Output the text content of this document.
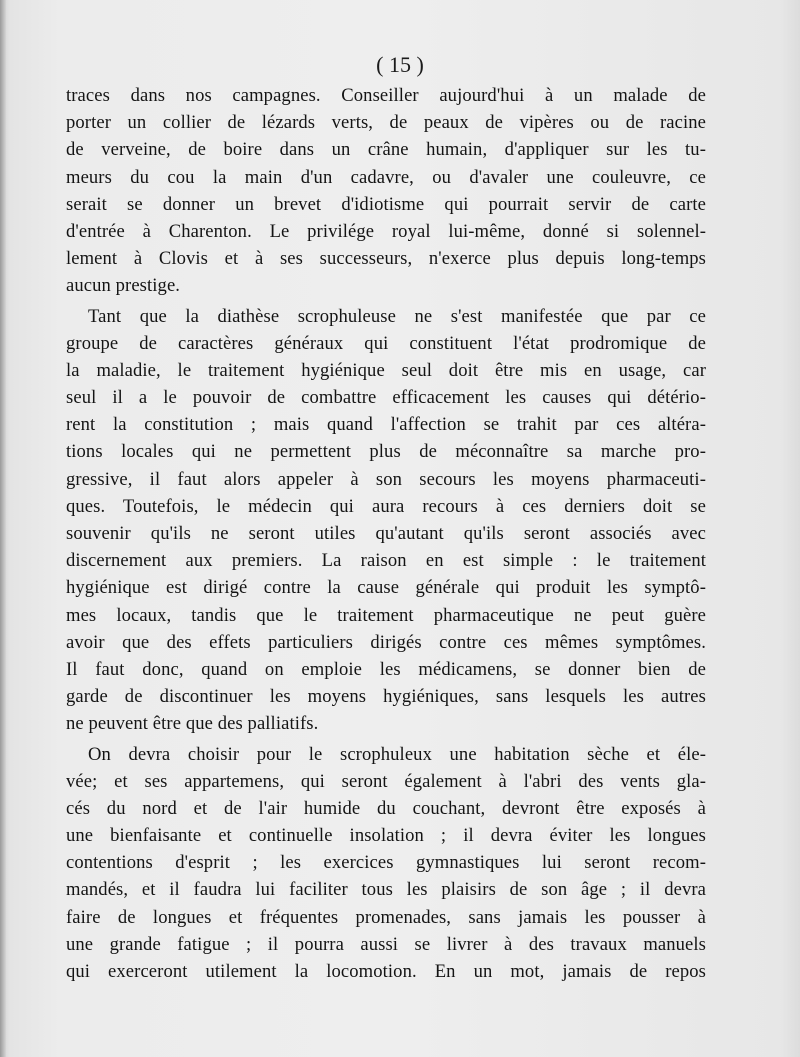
( 15 )

traces dans nos campagnes. Conseiller aujourd'hui à un malade de
porter un collier de lézards verts, de peaux de vipères ou de racine
de verveine, de boire dans un crâne humain, d'appliquer sur les tu-
meurs du cou la main d'un cadavre, ou d'avaler une couleuvre, ce
serait se donner un brevet d'idiotisme qui pourrait servir de carte
d'entrée à Charenton. Le privilége royal lui-même, donné si solennel-
lement à Clovis et à ses successeurs, n'exerce plus depuis long-temps
aucun prestige.
Tant que la diathèse scrophuleuse ne s'est manifestée que par ce
groupe de caractères généraux qui constituent l'état prodromique de
la maladie, le traitement hygiénique seul doit être mis en usage, car
seul il a le pouvoir de combattre efficacement les causes qui détério-
rent la constitution ; mais quand l'affection se trahit par ces altéra-
tions locales qui ne permettent plus de méconnaître sa marche pro-
gressive, il faut alors appeler à son secours les moyens pharmaceuti-
ques. Toutefois, le médecin qui aura recours à ces derniers doit se
souvenir qu'ils ne seront utiles qu'autant qu'ils seront associés avec
discernement aux premiers. La raison en est simple : le traitement
hygiénique est dirigé contre la cause générale qui produit les symptô-
mes locaux, tandis que le traitement pharmaceutique ne peut guère
avoir que des effets particuliers dirigés contre ces mêmes symptômes.
Il faut donc, quand on emploie les médicamens, se donner bien de
garde de discontinuer les moyens hygiéniques, sans lesquels les autres
ne peuvent être que des palliatifs.
On devra choisir pour le scrophuleux une habitation sèche et éle-
vée; et ses appartemens, qui seront également à l'abri des vents gla-
cés du nord et de l'air humide du couchant, devront être exposés à
une bienfaisante et continuelle insolation ; il devra éviter les longues
contentions d'esprit ; les exercices gymnastiques lui seront recom-
mandés, et il faudra lui faciliter tous les plaisirs de son âge ; il devra
faire de longues et fréquentes promenades, sans jamais les pousser à
une grande fatigue ; il pourra aussi se livrer à des travaux manuels
qui exerceront utilement la locomotion. En un mot, jamais de repos
